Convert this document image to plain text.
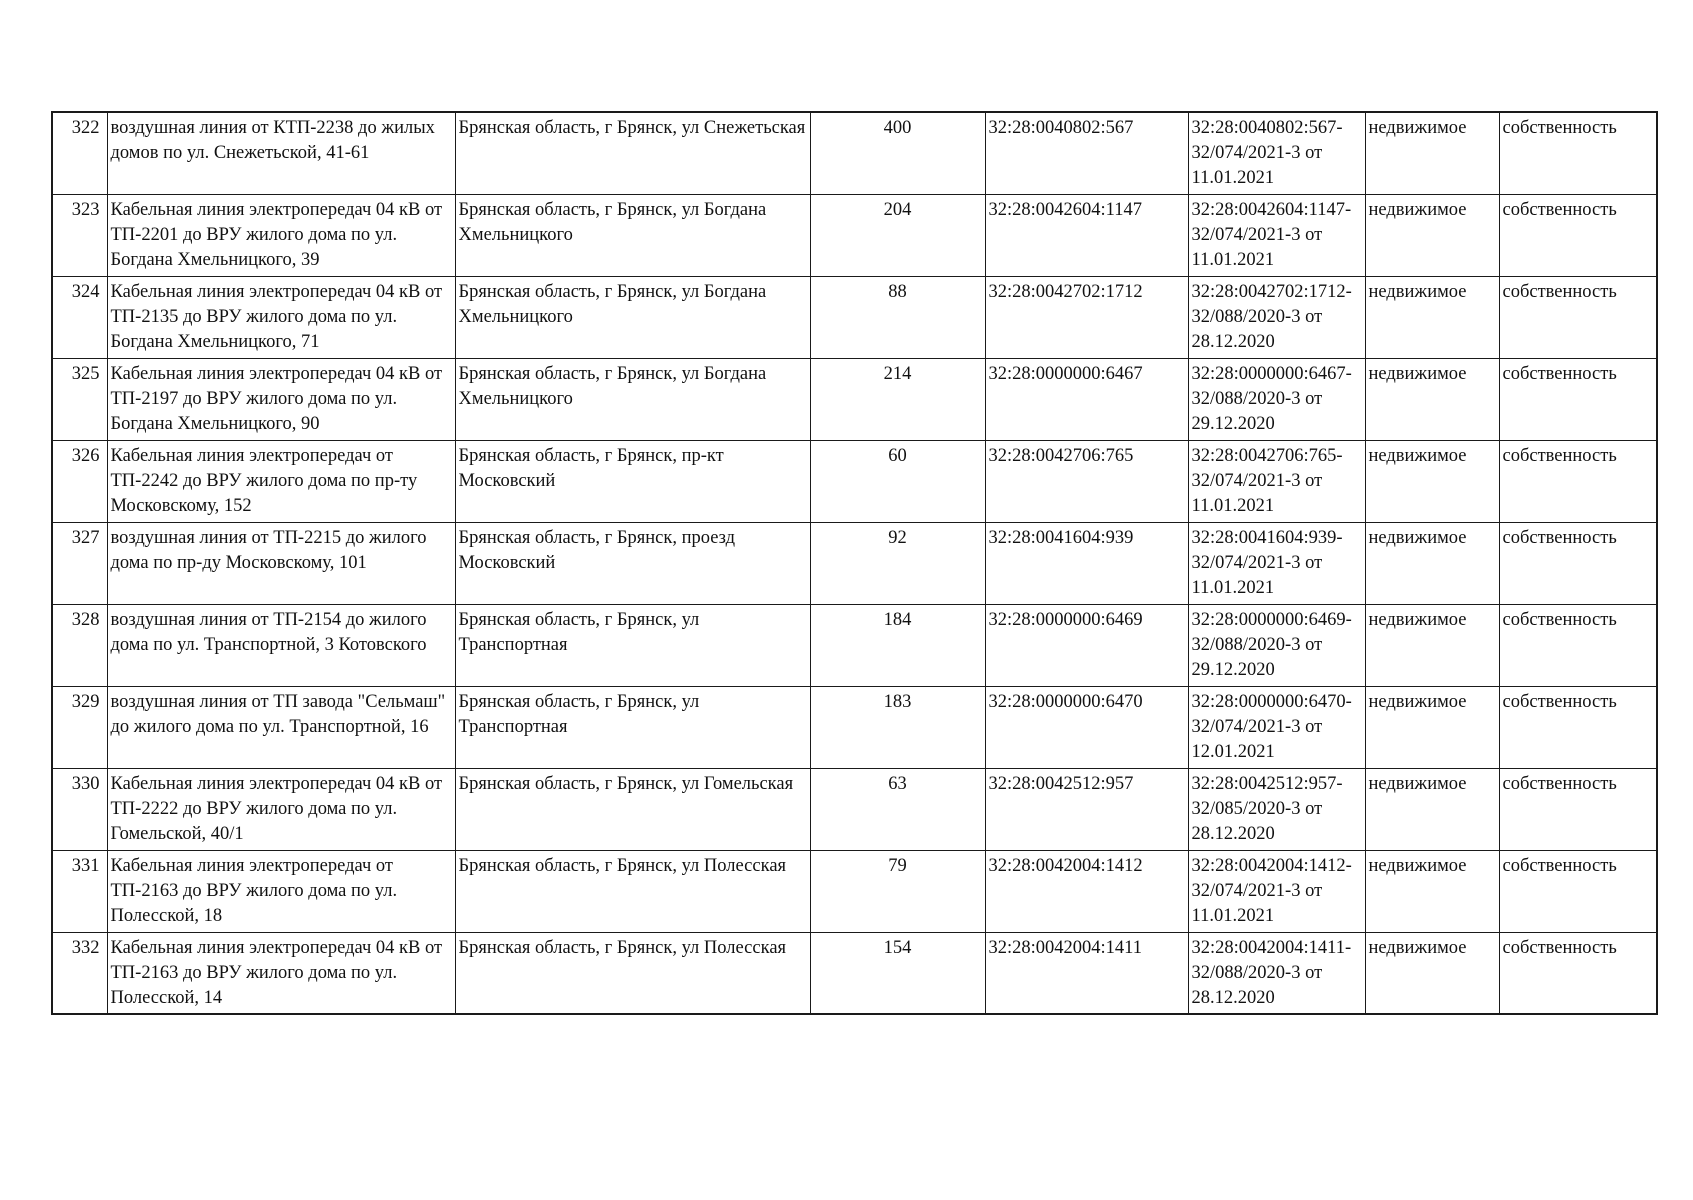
322	воздушная линия от КТП-2238 до жилых домов по ул. Снежетьской, 41-61	Брянская область, г Брянск, ул Снежетьская	400	32:28:0040802:567	32:28:0040802:567-32/074/2021-3 от 11.01.2021	недвижимое	собственность
323	Кабельная линия электропередач 04 кВ от ТП-2201 до ВРУ жилого дома по ул. Богдана Хмельницкого, 39	Брянская область, г Брянск, ул Богдана Хмельницкого	204	32:28:0042604:1147	32:28:0042604:1147-32/074/2021-3 от 11.01.2021	недвижимое	собственность
324	Кабельная линия электропередач 04 кВ от ТП-2135 до ВРУ жилого дома по ул. Богдана Хмельницкого, 71	Брянская область, г Брянск, ул Богдана Хмельницкого	88	32:28:0042702:1712	32:28:0042702:1712-32/088/2020-3 от 28.12.2020	недвижимое	собственность
325	Кабельная линия электропередач 04 кВ от ТП-2197 до ВРУ жилого дома по ул. Богдана Хмельницкого, 90	Брянская область, г Брянск, ул Богдана Хмельницкого	214	32:28:0000000:6467	32:28:0000000:6467-32/088/2020-3 от 29.12.2020	недвижимое	собственность
326	Кабельная линия электропередач от ТП-2242 до ВРУ жилого дома по пр-ту Московскому, 152	Брянская область, г Брянск, пр-кт Московский	60	32:28:0042706:765	32:28:0042706:765-32/074/2021-3 от 11.01.2021	недвижимое	собственность
327	воздушная линия от ТП-2215 до жилого дома по пр-ду Московскому, 101	Брянская область, г Брянск, проезд Московский	92	32:28:0041604:939	32:28:0041604:939-32/074/2021-3 от 11.01.2021	недвижимое	собственность
328	воздушная линия от ТП-2154 до жилого дома по ул. Транспортной, 3 Котовского	Брянская область, г Брянск, ул Транспортная	184	32:28:0000000:6469	32:28:0000000:6469-32/088/2020-3 от 29.12.2020	недвижимое	собственность
329	воздушная линия от ТП завода "Сельмаш" до жилого дома по ул. Транспортной, 16	Брянская область, г Брянск, ул Транспортная	183	32:28:0000000:6470	32:28:0000000:6470-32/074/2021-3 от 12.01.2021	недвижимое	собственность
330	Кабельная линия электропередач 04 кВ от ТП-2222 до ВРУ жилого дома по ул. Гомельской, 40/1	Брянская область, г Брянск, ул Гомельская	63	32:28:0042512:957	32:28:0042512:957-32/085/2020-3 от 28.12.2020	недвижимое	собственность
331	Кабельная линия электропередач от ТП-2163 до ВРУ жилого дома по ул. Полесской, 18	Брянская область, г Брянск, ул Полесская	79	32:28:0042004:1412	32:28:0042004:1412-32/074/2021-3 от 11.01.2021	недвижимое	собственность
332	Кабельная линия электропередач 04 кВ от ТП-2163 до ВРУ жилого дома по ул. Полесской, 14	Брянская область, г Брянск, ул Полесская	154	32:28:0042004:1411	32:28:0042004:1411-32/088/2020-3 от 28.12.2020	недвижимое	собственность
